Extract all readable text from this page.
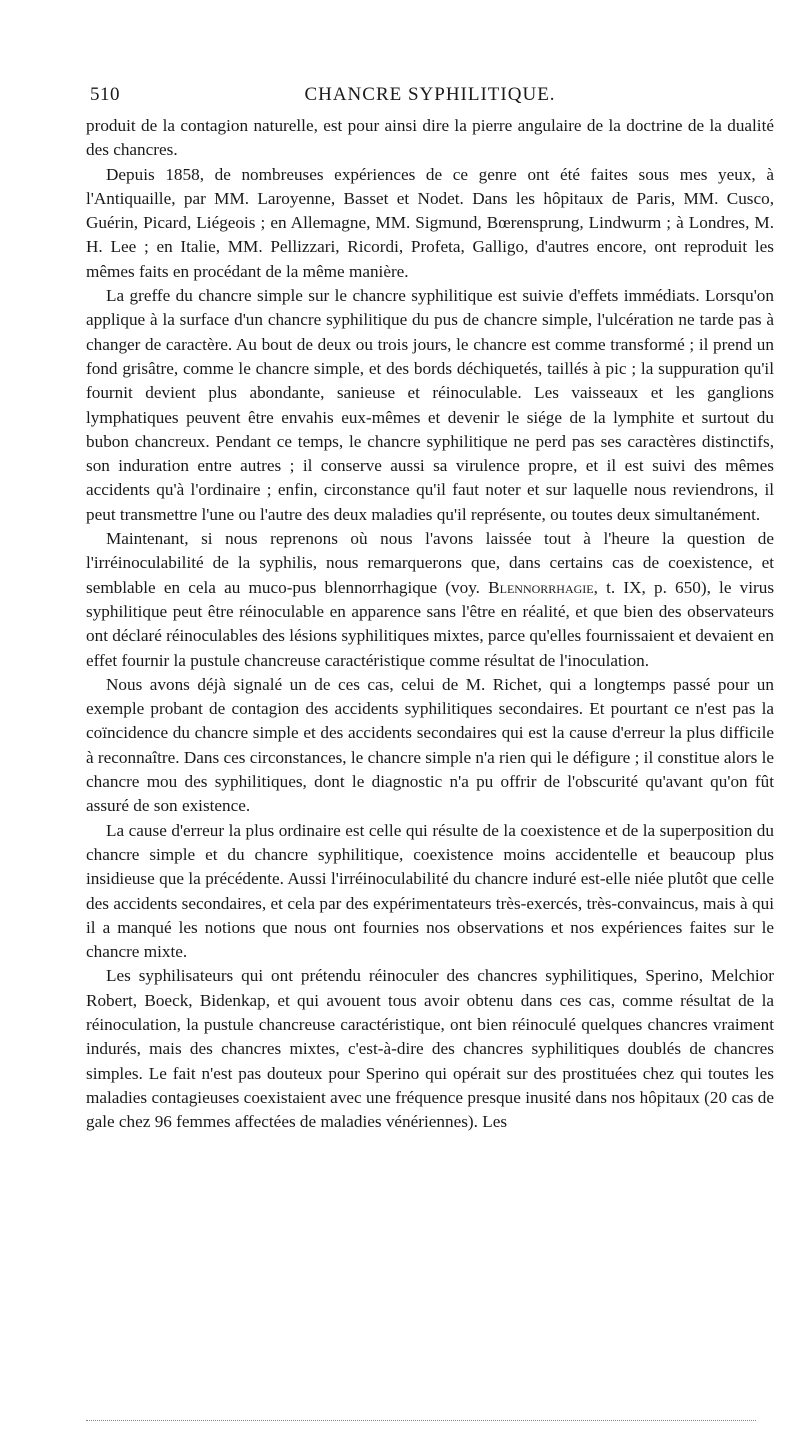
510	CHANCRE SYPHILITIQUE.

produit de la contagion naturelle, est pour ainsi dire la pierre angulaire de la doctrine de la dualité des chancres.

Depuis 1858, de nombreuses expériences de ce genre ont été faites sous mes yeux, à l'Antiquaille, par MM. Laroyenne, Basset et Nodet. Dans les hôpitaux de Paris, MM. Cusco, Guérin, Picard, Liégeois ; en Allemagne, MM. Sigmund, Bœrensprung, Lindwurm ; à Londres, M. H. Lee ; en Italie, MM. Pellizzari, Ricordi, Profeta, Galligo, d'autres encore, ont reproduit les mêmes faits en procédant de la même manière.

La greffe du chancre simple sur le chancre syphilitique est suivie d'effets immédiats. Lorsqu'on applique à la surface d'un chancre syphilitique du pus de chancre simple, l'ulcération ne tarde pas à changer de caractère. Au bout de deux ou trois jours, le chancre est comme transformé ; il prend un fond grisâtre, comme le chancre simple, et des bords déchiquetés, taillés à pic ; la suppuration qu'il fournit devient plus abondante, sanieuse et réinoculable. Les vaisseaux et les ganglions lymphatiques peuvent être envahis eux-mêmes et devenir le siége de la lymphite et surtout du bubon chancreux. Pendant ce temps, le chancre syphilitique ne perd pas ses caractères distinctifs, son induration entre autres ; il conserve aussi sa virulence propre, et il est suivi des mêmes accidents qu'à l'ordinaire ; enfin, circonstance qu'il faut noter et sur laquelle nous reviendrons, il peut transmettre l'une ou l'autre des deux maladies qu'il représente, ou toutes deux simultanément.

Maintenant, si nous reprenons où nous l'avons laissée tout à l'heure la question de l'irréinoculabilité de la syphilis, nous remarquerons que, dans certains cas de coexistence, et semblable en cela au muco-pus blennorrhagique (voy. Blennorrhagie, t. IX, p. 650), le virus syphilitique peut être réinoculable en apparence sans l'être en réalité, et que bien des observateurs ont déclaré réinoculables des lésions syphilitiques mixtes, parce qu'elles fournissaient et devaient en effet fournir la pustule chancreuse caractéristique comme résultat de l'inoculation.

Nous avons déjà signalé un de ces cas, celui de M. Richet, qui a longtemps passé pour un exemple probant de contagion des accidents syphilitiques secondaires. Et pourtant ce n'est pas la coïncidence du chancre simple et des accidents secondaires qui est la cause d'erreur la plus difficile à reconnaître. Dans ces circonstances, le chancre simple n'a rien qui le défigure ; il constitue alors le chancre mou des syphilitiques, dont le diagnostic n'a pu offrir de l'obscurité qu'avant qu'on fût assuré de son existence.

La cause d'erreur la plus ordinaire est celle qui résulte de la coexistence et de la superposition du chancre simple et du chancre syphilitique, coexistence moins accidentelle et beaucoup plus insidieuse que la précédente. Aussi l'irréinoculabilité du chancre induré est-elle niée plutôt que celle des accidents secondaires, et cela par des expérimentateurs très-exercés, très-convaincus, mais à qui il a manqué les notions que nous ont fournies nos observations et nos expériences faites sur le chancre mixte.

Les syphilisateurs qui ont prétendu réinoculer des chancres syphilitiques, Sperino, Melchior Robert, Boeck, Bidenkap, et qui avouent tous avoir obtenu dans ces cas, comme résultat de la réinoculation, la pustule chancreuse caractéristique, ont bien réinoculé quelques chancres vraiment indurés, mais des chancres mixtes, c'est-à-dire des chancres syphilitiques doublés de chancres simples. Le fait n'est pas douteux pour Sperino qui opérait sur des prostituées chez qui toutes les maladies contagieuses coexistaient avec une fréquence presque inusité dans nos hôpitaux (20 cas de gale chez 96 femmes affectées de maladies vénériennes). Les
